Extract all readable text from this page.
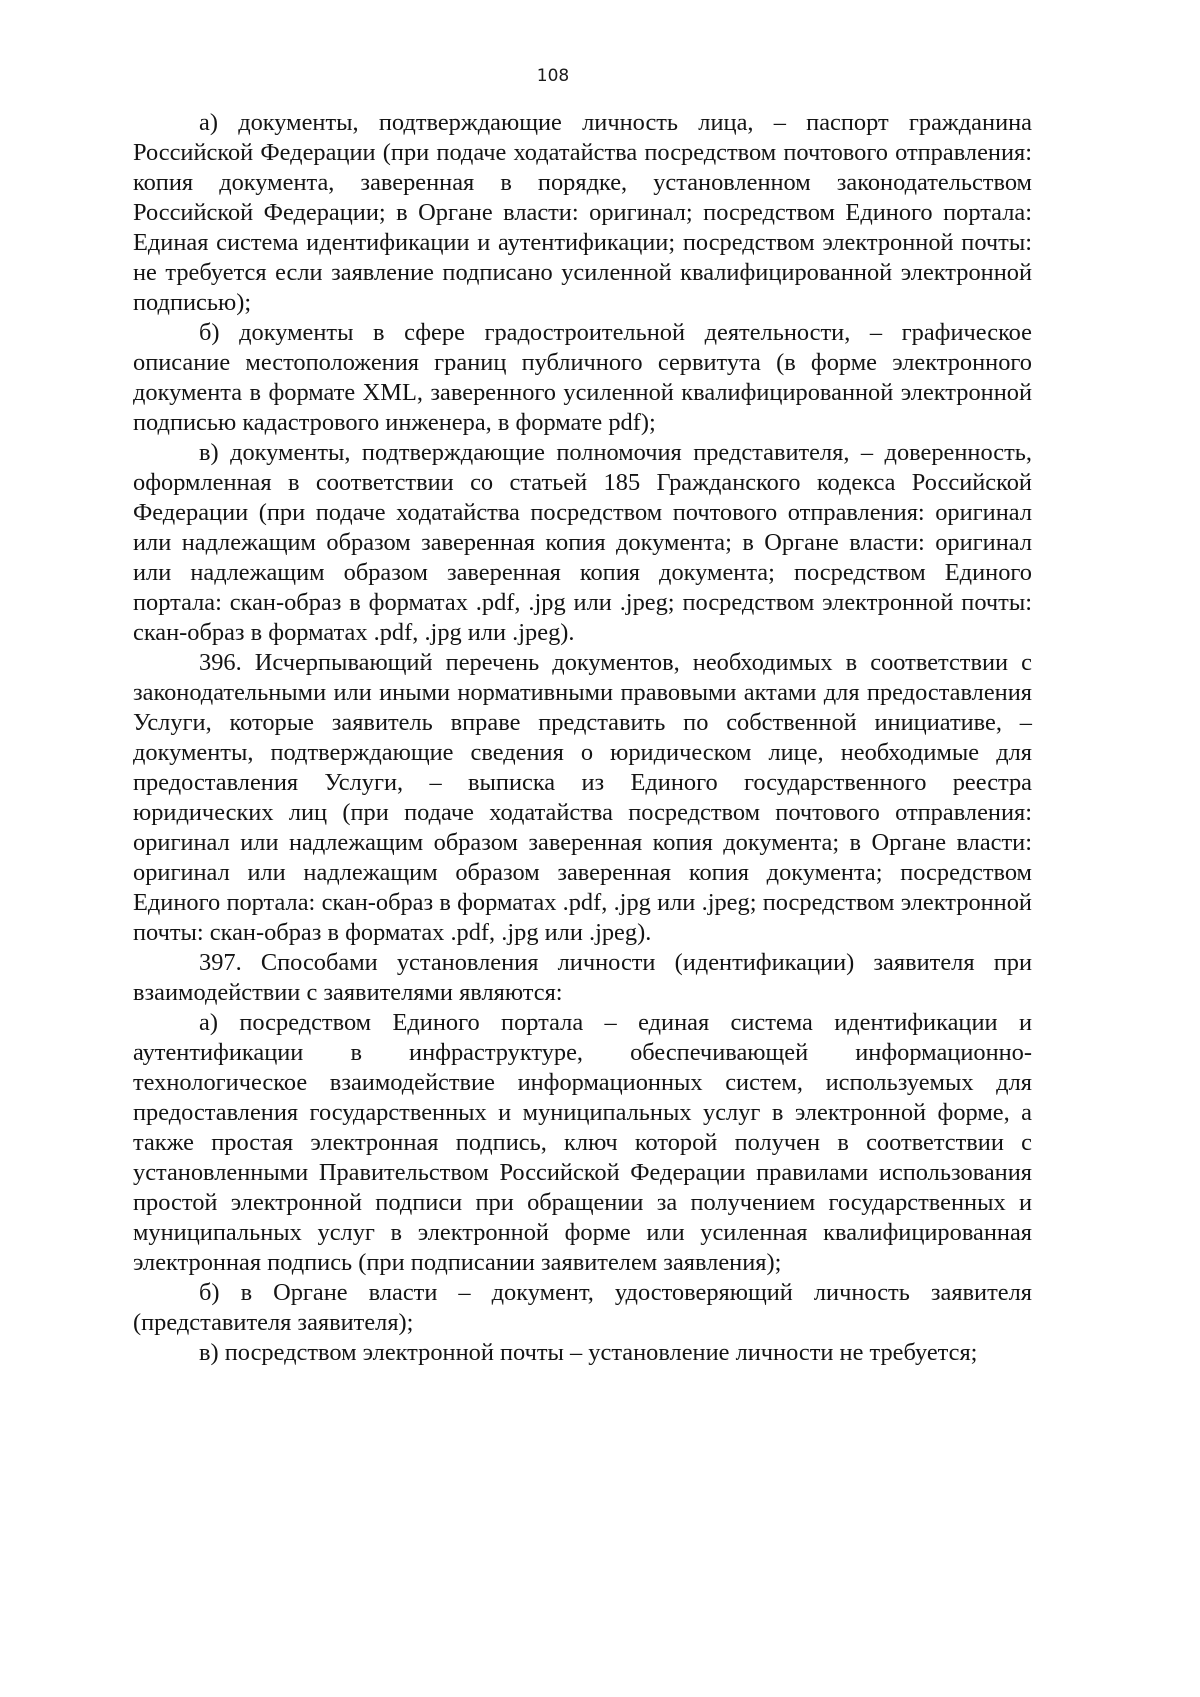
108

а) документы, подтверждающие личность лица, – паспорт гражданина Российской Федерации (при подаче ходатайства посредством почтового отправления: копия документа, заверенная в порядке, установленном законодательством Российской Федерации; в Органе власти: оригинал; посредством Единого портала: Единая система идентификации и аутентификации; посредством электронной почты: не требуется если заявление подписано усиленной квалифицированной электронной подписью);

б) документы в сфере градостроительной деятельности, – графическое описание местоположения границ публичного сервитута (в форме электронного документа в формате XML, заверенного усиленной квалифицированной электронной подписью кадастрового инженера, в формате pdf);

в) документы, подтверждающие полномочия представителя, – доверенность, оформленная в соответствии со статьей 185 Гражданского кодекса Российской Федерации (при подаче ходатайства посредством почтового отправления: оригинал или надлежащим образом заверенная копия документа; в Органе власти: оригинал или надлежащим образом заверенная копия документа; посредством Единого портала: скан-образ в форматах .pdf, .jpg или .jpeg; посредством электронной почты: скан-образ в форматах .pdf, .jpg или .jpeg).

396. Исчерпывающий перечень документов, необходимых в соответствии с законодательными или иными нормативными правовыми актами для предоставления Услуги, которые заявитель вправе представить по собственной инициативе, – документы, подтверждающие сведения о юридическом лице, необходимые для предоставления Услуги, – выписка из Единого государственного реестра юридических лиц (при подаче ходатайства посредством почтового отправления: оригинал или надлежащим образом заверенная копия документа; в Органе власти: оригинал или надлежащим образом заверенная копия документа; посредством Единого портала: скан-образ в форматах .pdf, .jpg или .jpeg; посредством электронной почты: скан-образ в форматах .pdf, .jpg или .jpeg).

397. Способами установления личности (идентификации) заявителя при взаимодействии с заявителями являются:

а) посредством Единого портала – единая система идентификации и аутентификации в инфраструктуре, обеспечивающей информационно-технологическое взаимодействие информационных систем, используемых для предоставления государственных и муниципальных услуг в электронной форме, а также простая электронная подпись, ключ которой получен в соответствии с установленными Правительством Российской Федерации правилами использования простой электронной подписи при обращении за получением государственных и муниципальных услуг в электронной форме или усиленная квалифицированная электронная подпись (при подписании заявителем заявления);

б) в Органе власти – документ, удостоверяющий личность заявителя (представителя заявителя);

в) посредством электронной почты – установление личности не требуется;
